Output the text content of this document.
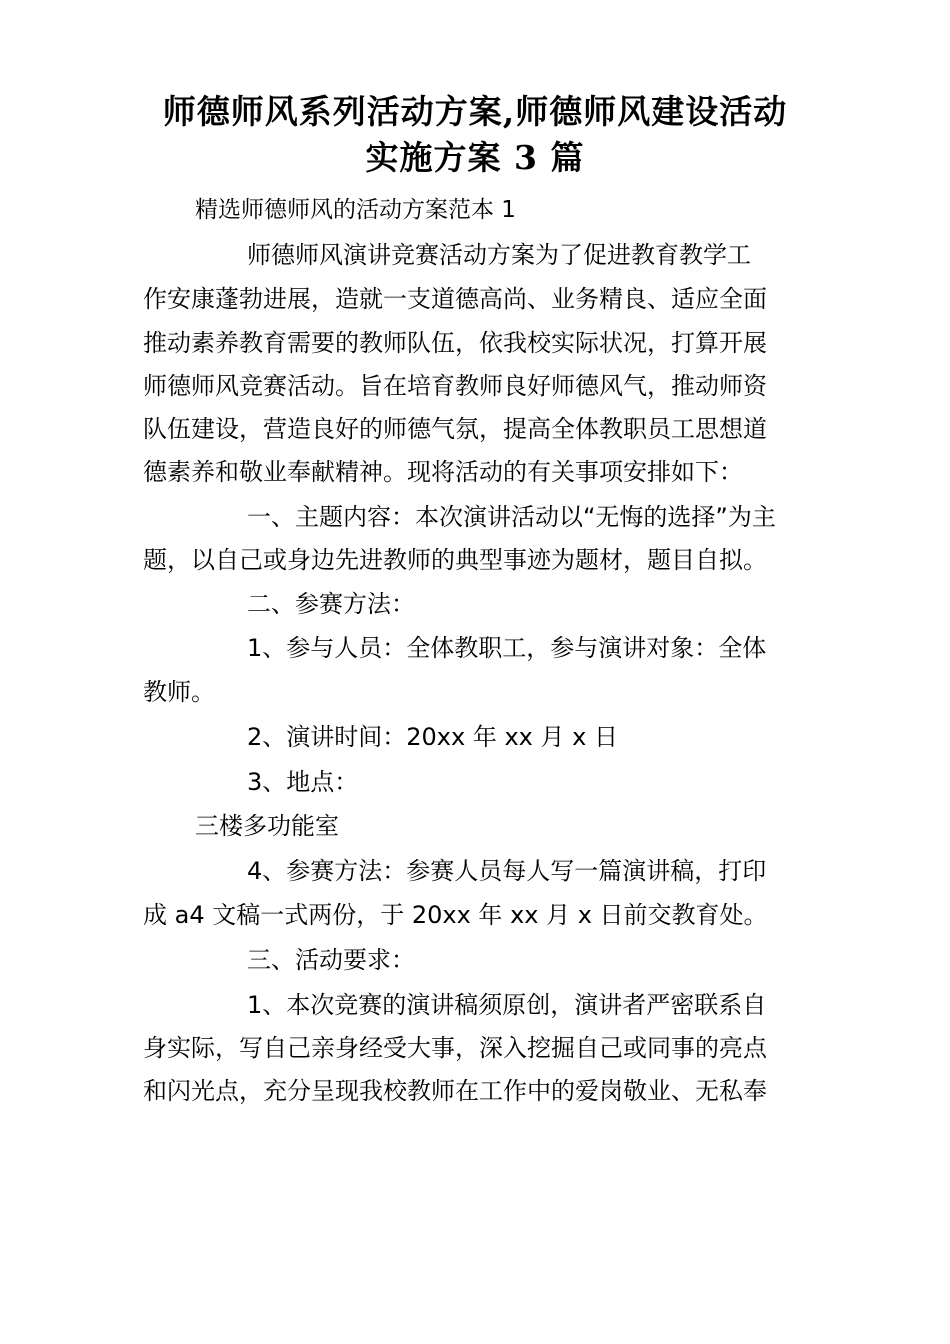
师德师风系列活动方案,师德师风建设活动
实施方案 3 篇
精选师德师风的活动方案范本 1
师德师风演讲竞赛活动方案为了促进教育教学工
作安康蓬勃进展，造就一支道德高尚、业务精良、适应全面
推动素养教育需要的教师队伍，依我校实际状况，打算开展
师德师风竞赛活动。旨在培育教师良好师德风气，推动师资
队伍建设，营造良好的师德气氛，提高全体教职员工思想道
德素养和敬业奉献精神。现将活动的有关事项安排如下：
一、主题内容：本次演讲活动以“无悔的选择”为主
题，以自己或身边先进教师的典型事迹为题材，题目自拟。
二、参赛方法：
1、参与人员：全体教职工，参与演讲对象：全体
教师。
2、演讲时间：20xx 年 xx 月 x 日
3、地点：
三楼多功能室
4、参赛方法：参赛人员每人写一篇演讲稿，打印
成 a4 文稿一式两份，于 20xx 年 xx 月 x 日前交教育处。
三、活动要求：
1、本次竞赛的演讲稿须原创，演讲者严密联系自
身实际，写自己亲身经受大事，深入挖掘自己或同事的亮点
和闪光点，充分呈现我校教师在工作中的爱岗敬业、无私奉
